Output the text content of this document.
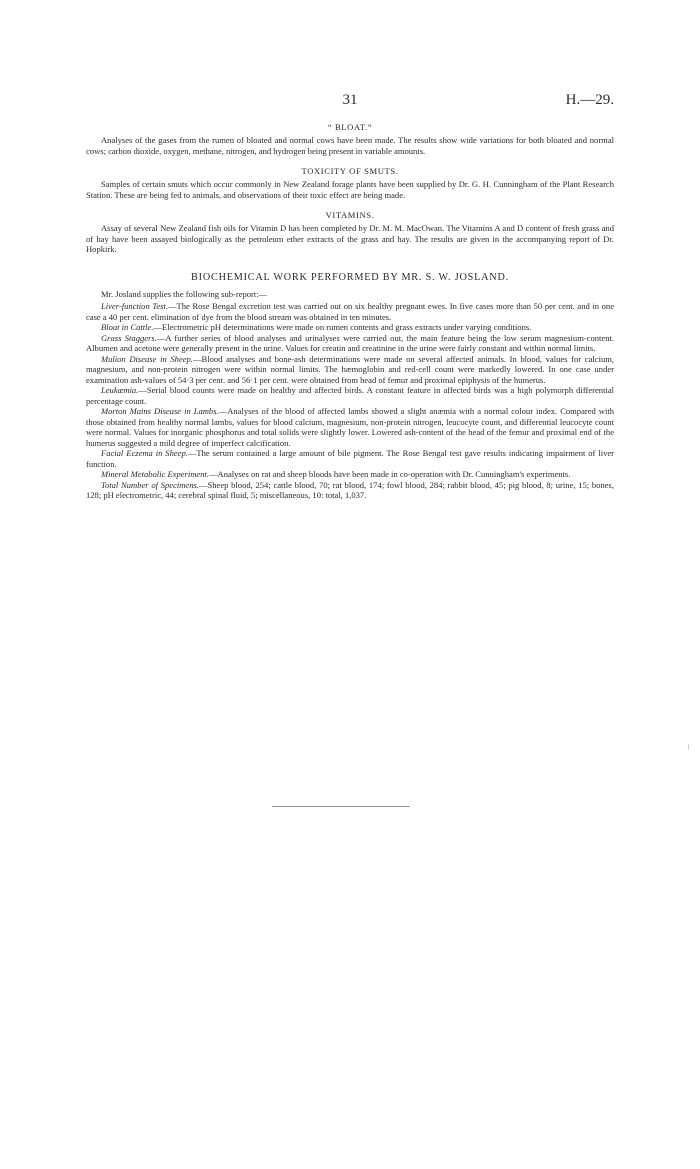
31	H.—29.
“ BLOAT.”

Analyses of the gases from the rumen of bloated and normal cows have been made. The results show wide variations for both bloated and normal cows; carbon dioxide, oxygen, methane, nitrogen, and hydrogen being present in variable amounts.

TOXICITY OF SMUTS.

Samples of certain smuts which occur commonly in New Zealand forage plants have been supplied by Dr. G. H. Cunningham of the Plant Research Station. These are being fed to animals, and observations of their toxic effect are being made.

VITAMINS.

Assay of several New Zealand fish oils for Vitamin D has been completed by Dr. M. M. MacOwan. The Vitamins A and D content of fresh grass and of hay have been assayed biologically as the petroleum ether extracts of the grass and hay. The results are given in the accompanying report of Dr. Hopkirk.

BIOCHEMICAL WORK PERFORMED BY MR. S. W. JOSLAND.

Mr. Josland supplies the following sub-report:—

Liver-function Test.—The Rose Bengal excretion test was carried out on six healthy pregnant ewes. In five cases more than 50 per cent. and in one case a 40 per cent. elimination of dye from the blood stream was obtained in ten minutes.

Bloat in Cattle.—Electrometric pH determinations were made on rumen contents and grass extracts under varying conditions.

Grass Staggers.—A further series of blood analyses and urinalyses were carried out, the main feature being the low serum magnesium-content. Albumen and acetone were generally present in the urine. Values for creatin and creatinine in the urine were fairly constant and within normal limits.

Mulion Disease in Sheep.—Blood analyses and bone-ash determinations were made on several affected animals. In blood, values for calcium, magnesium, and non-protein nitrogen were within normal limits. The hæmoglobin and red-cell count were markedly lowered. In one case under examination ash-values of 54·3 per cent. and 56·1 per cent. were obtained from head of femur and proximal epiphysis of the humerus.

Leukæmia.—Serial blood counts were made on healthy and affected birds. A constant feature in affected birds was a high polymorph differential percentage count.

Morton Mains Disease in Lambs.—Analyses of the blood of affected lambs showed a slight anæmia with a normal colour index. Compared with those obtained from healthy normal lambs, values for blood calcium, magnesium, non-protein nitrogen, leucocyte count, and differential leucocyte count were normal. Values for inorganic phosphorus and total solids were slightly lower. Lowered ash-content of the head of the femur and proximal end of the humerus suggested a mild degree of imperfect calcification.

Facial Eczema in Sheep.—The serum contained a large amount of bile pigment. The Rose Bengal test gave results indicating impairment of liver function.

Mineral Metabolic Experiment.—Analyses on rat and sheep bloods have been made in co-operation with Dr. Cunningham's experiments.

Total Number of Specimens.—Sheep blood, 254; cattle blood, 70; rat blood, 174; fowl blood, 284; rabbit blood, 45; pig blood, 8; urine, 15; bones, 128; pH electrometric, 44; cerebral spinal fluid, 5; miscellaneous, 10: total, 1,037.
